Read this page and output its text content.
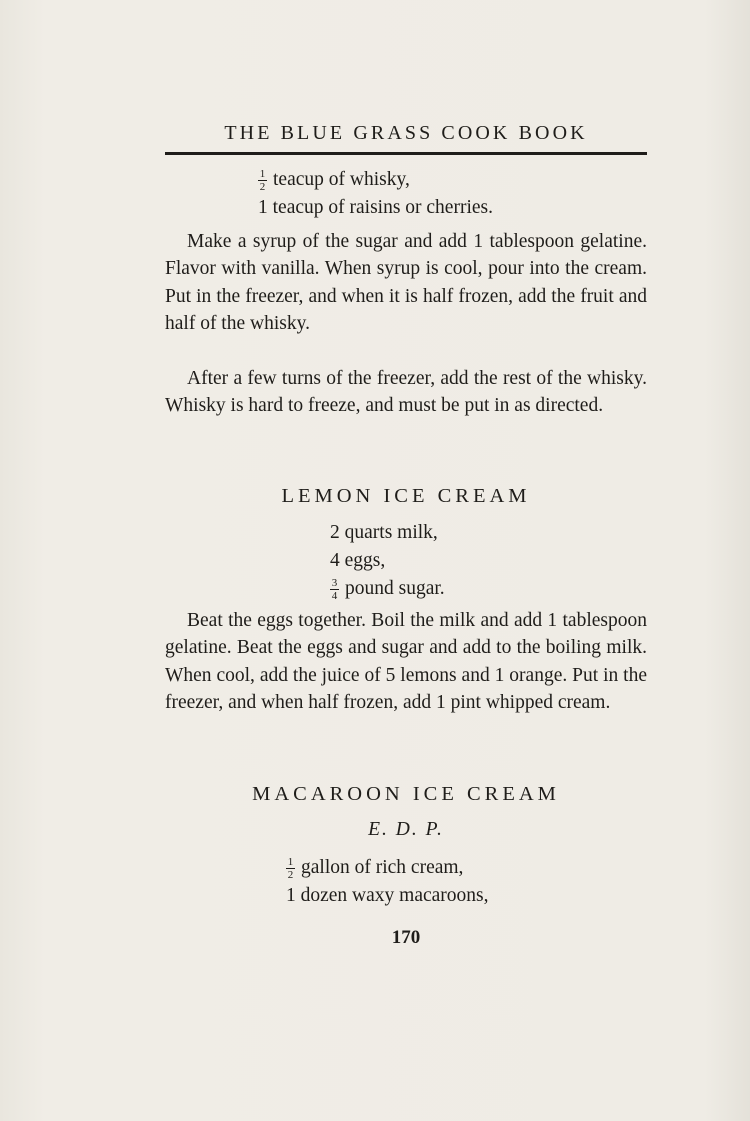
THE BLUE GRASS COOK BOOK
$\frac{1}{2}$ teacup of whisky,
1 teacup of raisins or cherries.
Make a syrup of the sugar and add 1 tablespoon gelatine. Flavor with vanilla. When syrup is cool, pour into the cream. Put in the freezer, and when it is half frozen, add the fruit and half of the whisky.
After a few turns of the freezer, add the rest of the whisky. Whisky is hard to freeze, and must be put in as directed.
LEMON ICE CREAM
2 quarts milk,
4 eggs,
$\frac{3}{4}$ pound sugar.
Beat the eggs together. Boil the milk and add 1 tablespoon gelatine. Beat the eggs and sugar and add to the boiling milk. When cool, add the juice of 5 lemons and 1 orange. Put in the freezer, and when half frozen, add 1 pint whipped cream.
MACAROON ICE CREAM
E. D. P.
$\frac{1}{2}$ gallon of rich cream,
1 dozen waxy macaroons,
170
